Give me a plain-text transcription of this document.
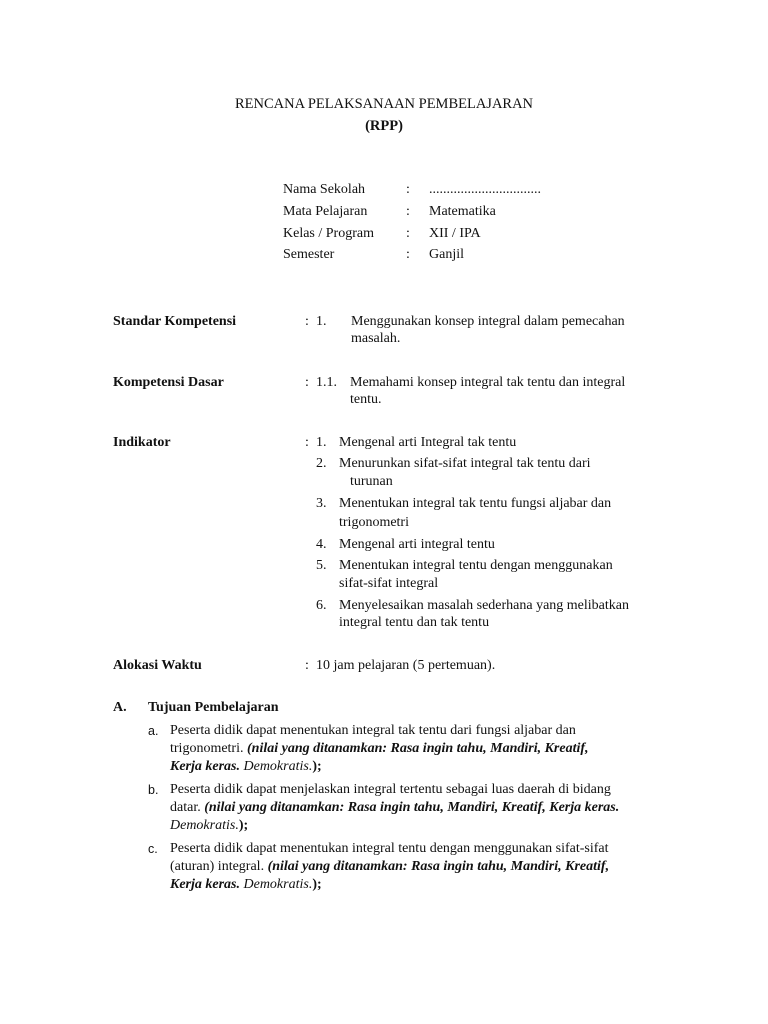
RENCANA PELAKSANAAN PEMBELAJARAN
(RPP)
Nama Sekolah	: ................................
Mata Pelajaran	: Matematika
Kelas / Program : XII / IPA
Semester	: Ganjil
Standar Kompetensi	: 1. Menggunakan konsep integral dalam pemecahan
masalah.
Kompetensi Dasar	: 1.1. Memahami konsep integral tak tentu dan integral
tentu.
Indikator	: 1. Mengenal arti Integral tak tentu
2. Menurunkan sifat-sifat integral tak tentu dari
turunan
3. Menentukan integral tak tentu fungsi aljabar dan
trigonometri
4. Mengenal arti integral tentu
5. Menentukan integral tentu dengan menggunakan
sifat-sifat integral
6. Menyelesaikan masalah sederhana yang melibatkan
integral tentu dan tak tentu
Alokasi Waktu	: 10 jam pelajaran (5 pertemuan).
A. Tujuan Pembelajaran
a. Peserta didik dapat menentukan integral tak tentu dari fungsi aljabar dan
trigonometri. (nilai yang ditanamkan: Rasa ingin tahu, Mandiri, Kreatif,
Kerja keras. Demokratis.);
b. Peserta didik dapat menjelaskan integral tertentu sebagai luas daerah di bidang
datar. (nilai yang ditanamkan: Rasa ingin tahu, Mandiri, Kreatif, Kerja keras.
Demokratis.);
c. Peserta didik dapat menentukan integral tentu dengan menggunakan sifat-sifat
(aturan) integral. (nilai yang ditanamkan: Rasa ingin tahu, Mandiri, Kreatif,
Kerja keras. Demokratis.);
